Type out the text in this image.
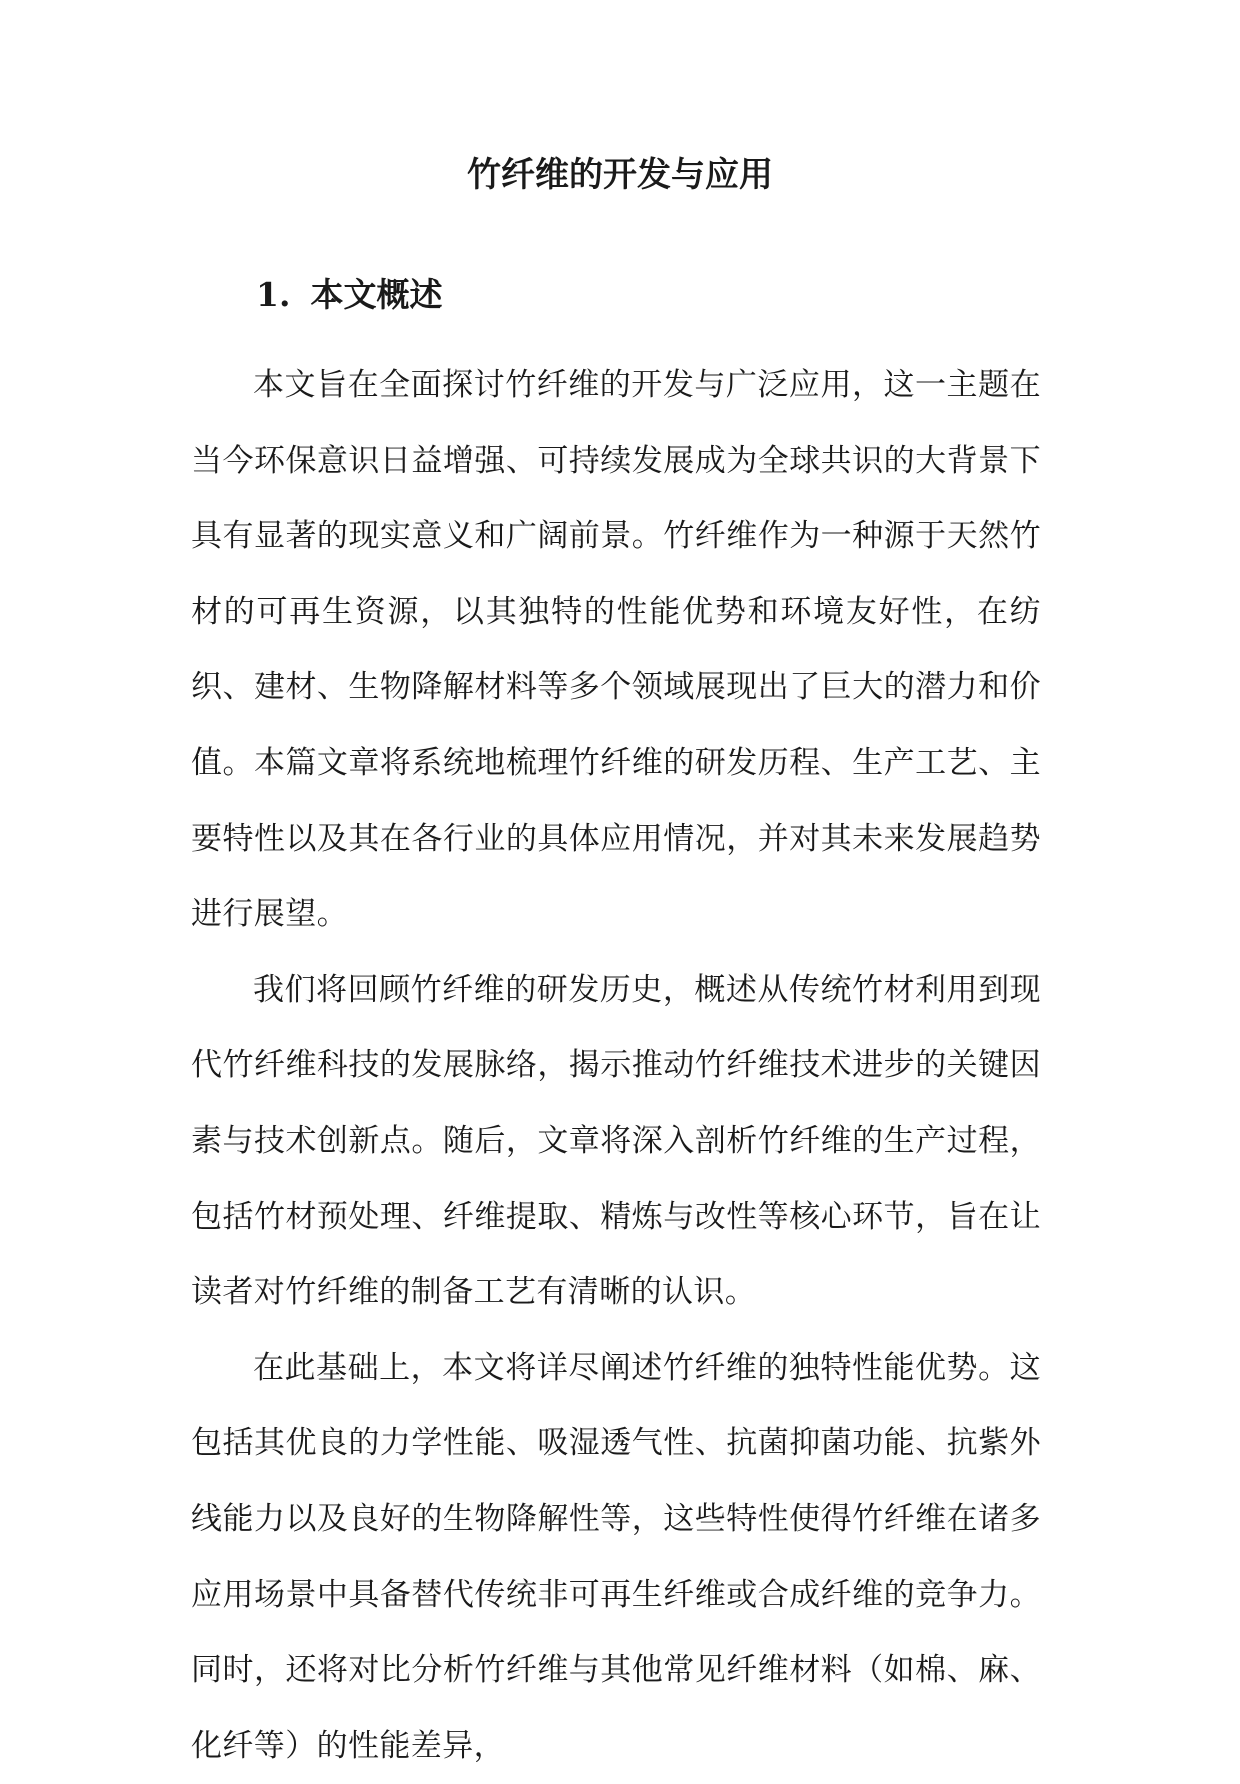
竹纤维的开发与应用
1. 本文概述

本文旨在全面探讨竹纤维的开发与广泛应用，这一主题在当今环保意识日益增强、可持续发展成为全球共识的大背景下具有显著的现实意义和广阔前景。竹纤维作为一种源于天然竹材的可再生资源，以其独特的性能优势和环境友好性，在纺织、建材、生物降解材料等多个领域展现出了巨大的潜力和价值。本篇文章将系统地梳理竹纤维的研发历程、生产工艺、主要特性以及其在各行业的具体应用情况，并对其未来发展趋势进行展望。

我们将回顾竹纤维的研发历史，概述从传统竹材利用到现代竹纤维科技的发展脉络，揭示推动竹纤维技术进步的关键因素与技术创新点。随后，文章将深入剖析竹纤维的生产过程，包括竹材预处理、纤维提取、精炼与改性等核心环节，旨在让读者对竹纤维的制备工艺有清晰的认识。

在此基础上，本文将详尽阐述竹纤维的独特性能优势。这包括其优良的力学性能、吸湿透气性、抗菌抑菌功能、抗紫外线能力以及良好的生物降解性等，这些特性使得竹纤维在诸多应用场景中具备替代传统非可再生纤维或合成纤维的竞争力。同时，还将对比分析竹纤维与其他常见纤维材料（如棉、麻、化纤等）的性能差异，
